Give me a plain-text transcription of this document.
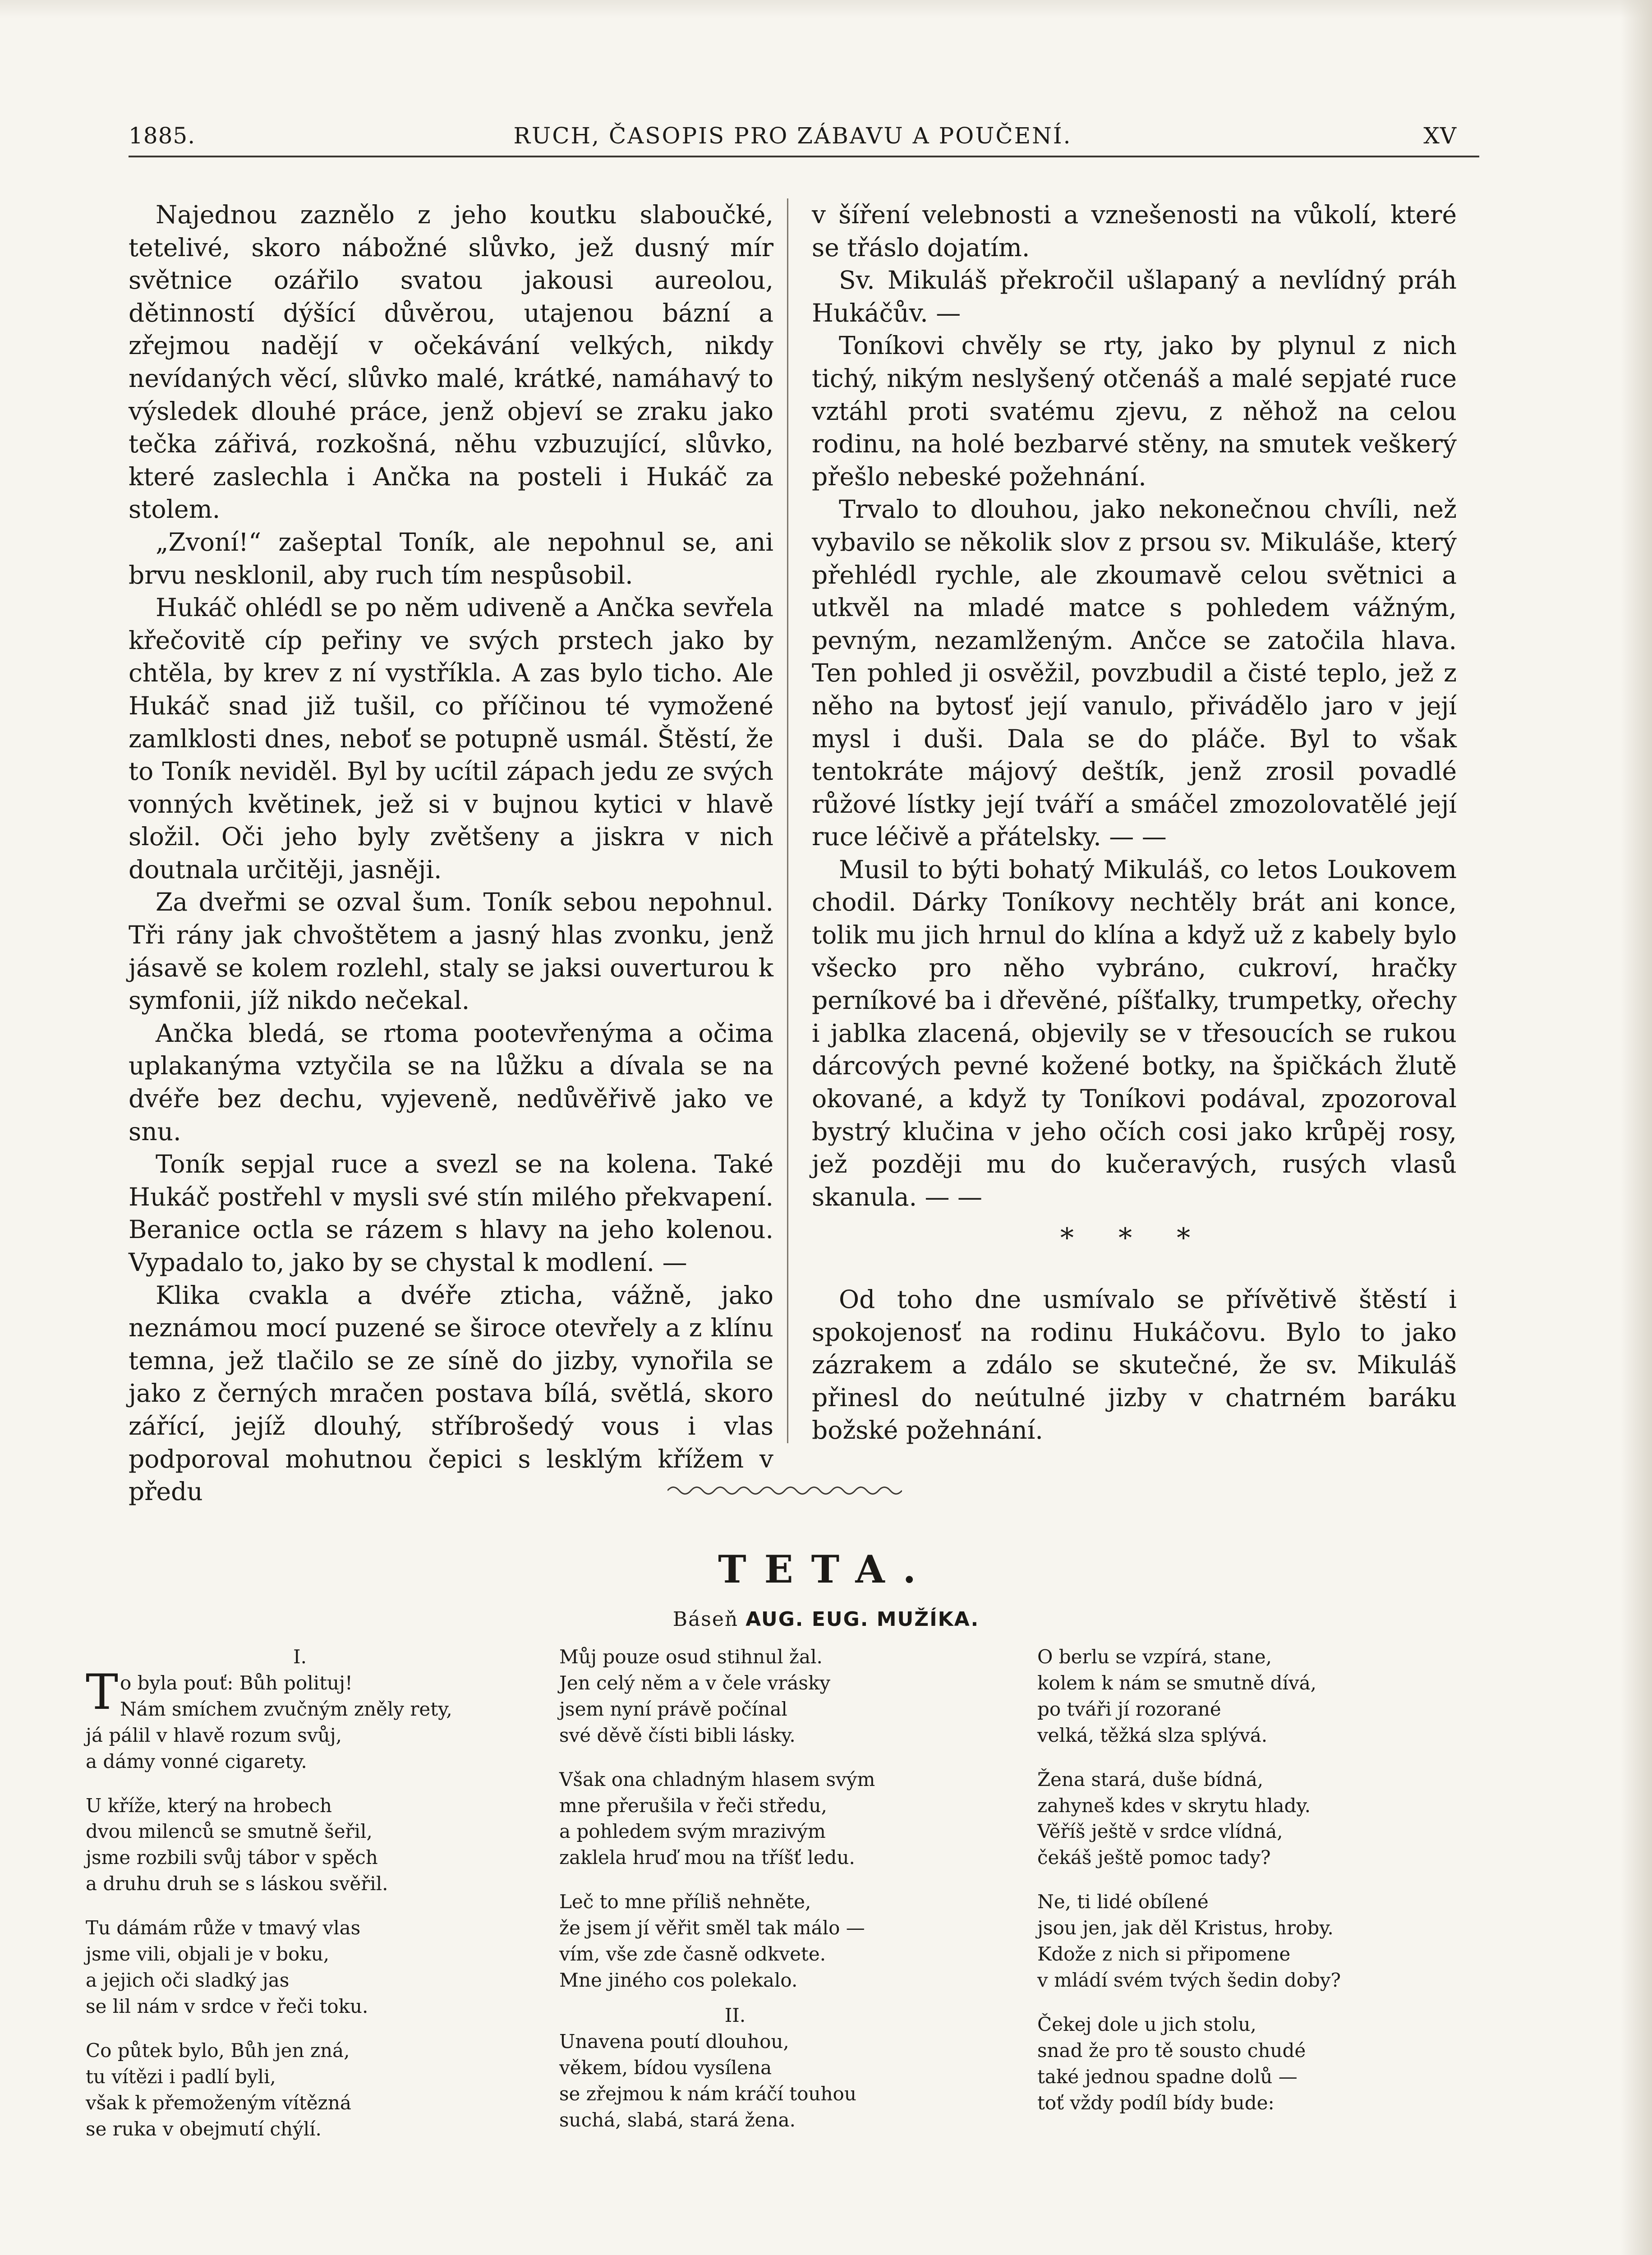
1885.	RUCH, ČASOPIS PRO ZÁBAVU A POUČENÍ.	XV

Najednou zaznělo z jeho koutku slaboučké, tetelivé, skoro nábožné slůvko, jež dusný mír světnice ozářilo svatou jakousi aureolou, dětinností dýšící důvěrou, utajenou bázní a zřejmou nadějí v očekávání velkých, nikdy nevídaných věcí, slůvko malé, krátké, namáhavý to výsledek dlouhé práce, jenž objeví se zraku jako tečka zářivá, rozkošná, něhu vzbuzující, slůvko, které zaslechla i Ančka na posteli i Hukáč za stolem.

„Zvoní!“ zašeptal Toník, ale nepohnul se, ani brvu nesklonil, aby ruch tím nespůsobil.

Hukáč ohlédl se po něm udiveně a Ančka sevřela křečovitě cíp peřiny ve svých prstech jako by chtěla, by krev z ní vystříkla. A zas bylo ticho. Ale Hukáč snad již tušil, co příčinou té vymožené zamlklosti dnes, neboť se potupně usmál. Štěstí, že to Toník neviděl. Byl by ucítil zápach jedu ze svých vonných květinek, jež si v bujnou kytici v hlavě složil. Oči jeho byly zvětšeny a jiskra v nich doutnala určitěji, jasněji.

Za dveřmi se ozval šum. Toník sebou nepohnul. Tři rány jak chvoštětem a jasný hlas zvonku, jenž jásavě se kolem rozlehl, staly se jaksi ouverturou k symfonii, jíž nikdo nečekal.

Ančka bledá, se rtoma pootevřenýma a očima uplakanýma vztyčila se na lůžku a dívala se na dvéře bez dechu, vyjeveně, nedůvěřivě jako ve snu.

Toník sepjal ruce a svezl se na kolena. Také Hukáč postřehl v mysli své stín milého překvapení. Beranice octla se rázem s hlavy na jeho kolenou. Vypadalo to, jako by se chystal k modlení. —

Klika cvakla a dvéře zticha, vážně, jako neznámou mocí puzené se široce otevřely a z klínu temna, jež tlačilo se ze síně do jizby, vynořila se jako z černých mračen postava bílá, světlá, skoro zářící, jejíž dlouhý, stříbrošedý vous i vlas podporoval mohutnou čepici s lesklým křížem v předu

v šíření velebnosti a vznešenosti na vůkolí, které se třáslo dojatím.

Sv. Mikuláš překročil ušlapaný a nevlídný práh Hukáčův. —

Toníkovi chvěly se rty, jako by plynul z nich tichý, nikým neslyšený otčenáš a malé sepjaté ruce vztáhl proti svatému zjevu, z něhož na celou rodinu, na holé bezbarvé stěny, na smutek veškerý přešlo nebeské požehnání.

Trvalo to dlouhou, jako nekonečnou chvíli, než vybavilo se několik slov z prsou sv. Mikuláše, který přehlédl rychle, ale zkoumavě celou světnici a utkvěl na mladé matce s pohledem vážným, pevným, nezamlženým. Ančce se zatočila hlava. Ten pohled ji osvěžil, povzbudil a čisté teplo, jež z něho na bytosť její vanulo, přivádělo jaro v její mysl i duši. Dala se do pláče. Byl to však tentokráte májový deštík, jenž zrosil povadlé růžové lístky její tváří a smáčel zmozolovatělé její ruce léčivě a přátelsky. — —

Musil to býti bohatý Mikuláš, co letos Loukovem chodil. Dárky Toníkovy nechtěly brát ani konce, tolik mu jich hrnul do klína a když už z kabely bylo všecko pro něho vybráno, cukroví, hračky perníkové ba i dřevěné, píšťalky, trumpetky, ořechy i jablka zlacená, objevily se v třesoucích se rukou dárcových pevné kožené botky, na špičkách žlutě okované, a když ty Toníkovi podával, zpozoroval bystrý klučina v jeho očích cosi jako krůpěj rosy, jež později mu do kučeravých, rusých vlasů skanula. — —

* * *

Od toho dne usmívalo se přívětivě štěstí i spokojenosť na rodinu Hukáčovu. Bylo to jako zázrakem a zdálo se skutečné, že sv. Mikuláš přinesl do neútulné jizby v chatrném baráku božské požehnání.

TETA.
Báseň AUG. EUG. MUŽÍKA.
I.
T o byla pouť: Bůh polituj!
Nám smíchem zvučným zněly rety,
já pálil v hlavě rozum svůj,
a dámy vonné cigarety.
U kříže, který na hrobech
dvou milenců se smutně šeřil,
jsme rozbili svůj tábor v spěch
a druhu druh se s láskou svěřil.
Tu dámám růže v tmavý vlas
jsme vili, objali je v boku,
a jejich oči sladký jas
se lil nám v srdce v řeči toku.
Co půtek bylo, Bůh jen zná,
tu vítězi i padlí byli,
však k přemoženým vítězná
se ruka v obejmutí chýlí.
Můj pouze osud stihnul žal.
Jen celý něm a v čele vrásky
jsem nyní právě počínal
své děvě čísti bibli lásky.
Však ona chladným hlasem svým
mne přerušila v řeči středu,
a pohledem svým mrazivým
zaklela hruď mou na tříšť ledu.
Leč to mne příliš nehněte,
že jsem jí věřit směl tak málo —
vím, vše zde časně odkvete.
Mne jiného cos polekalo.
II.
Unavena poutí dlouhou,
věkem, bídou vysílena
se zřejmou k nám kráčí touhou
suchá, slabá, stará žena.
O berlu se vzpírá, stane,
kolem k nám se smutně dívá,
po tváři jí rozorané
velká, těžká slza splývá.
Žena stará, duše bídná,
zahyneš kdes v skrytu hlady.
Věříš ještě v srdce vlídná,
čekáš ještě pomoc tady?
Ne, ti lidé obílené
jsou jen, jak děl Kristus, hroby.
Kdože z nich si připomene
v mládí svém tvých šedin doby?
Čekej dole u jich stolu,
snad že pro tě sousto chudé
také jednou spadne dolů —
toť vždy podíl bídy bude:
